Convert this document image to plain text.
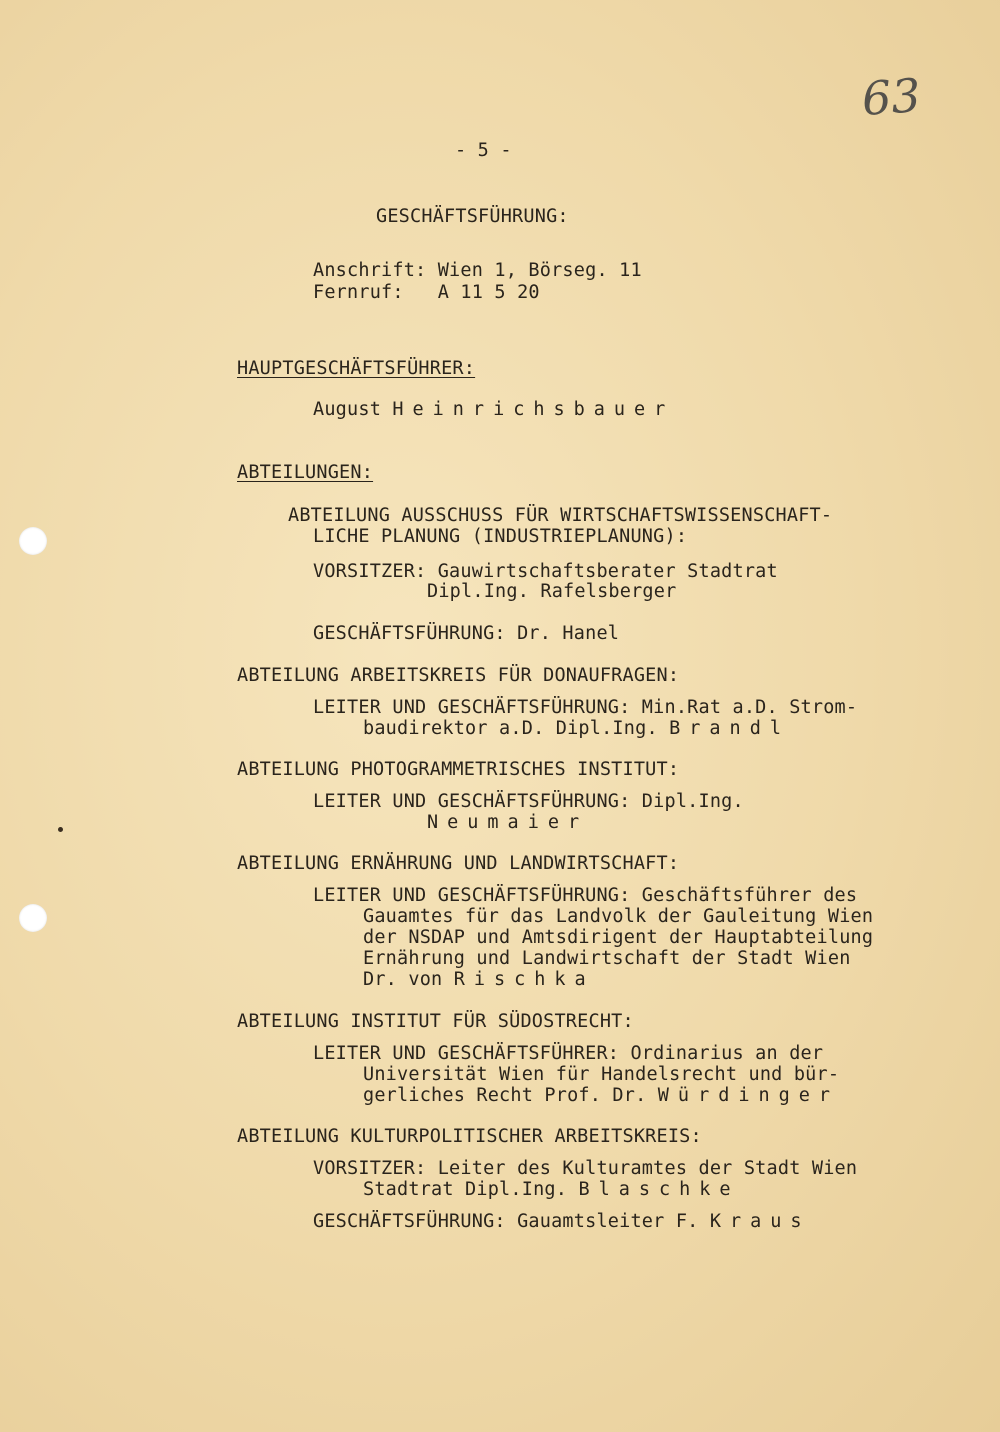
63
- 5 -
GESCHÄFTSFÜHRUNG:
Anschrift: Wien 1, Börseg. 11
Fernruf:   A 11 5 20
HAUPTGESCHÄFTSFÜHRER:
August Heinrichsbauer
ABTEILUNGEN:
ABTEILUNG AUSSCHUSS FÜR WIRTSCHAFTSWISSENSCHAFT-
LICHE PLANUNG (INDUSTRIEPLANUNG):
VORSITZER: Gauwirtschaftsberater Stadtrat
Dipl.Ing. Rafelsberger
GESCHÄFTSFÜHRUNG: Dr. Hanel
ABTEILUNG ARBEITSKREIS FÜR DONAUFRAGEN:
LEITER UND GESCHÄFTSFÜHRUNG: Min.Rat a.D. Strom-
baudirektor a.D. Dipl.Ing. Brandl
ABTEILUNG PHOTOGRAMMETRISCHES INSTITUT:
LEITER UND GESCHÄFTSFÜHRUNG: Dipl.Ing.
Neumaier
ABTEILUNG ERNÄHRUNG UND LANDWIRTSCHAFT:
LEITER UND GESCHÄFTSFÜHRUNG: Geschäftsführer des
Gauamtes für das Landvolk der Gauleitung Wien
der NSDAP und Amtsdirigent der Hauptabteilung
Ernährung und Landwirtschaft der Stadt Wien
Dr. von Rischka
ABTEILUNG INSTITUT FÜR SÜDOSTRECHT:
LEITER UND GESCHÄFTSFÜHRER: Ordinarius an der
Universität Wien für Handelsrecht und bür-
gerliches Recht Prof. Dr. Würdinger
ABTEILUNG KULTURPOLITISCHER ARBEITSKREIS:
VORSITZER: Leiter des Kulturamtes der Stadt Wien
Stadtrat Dipl.Ing. Blaschke
GESCHÄFTSFÜHRUNG: Gauamtsleiter F. Kraus
